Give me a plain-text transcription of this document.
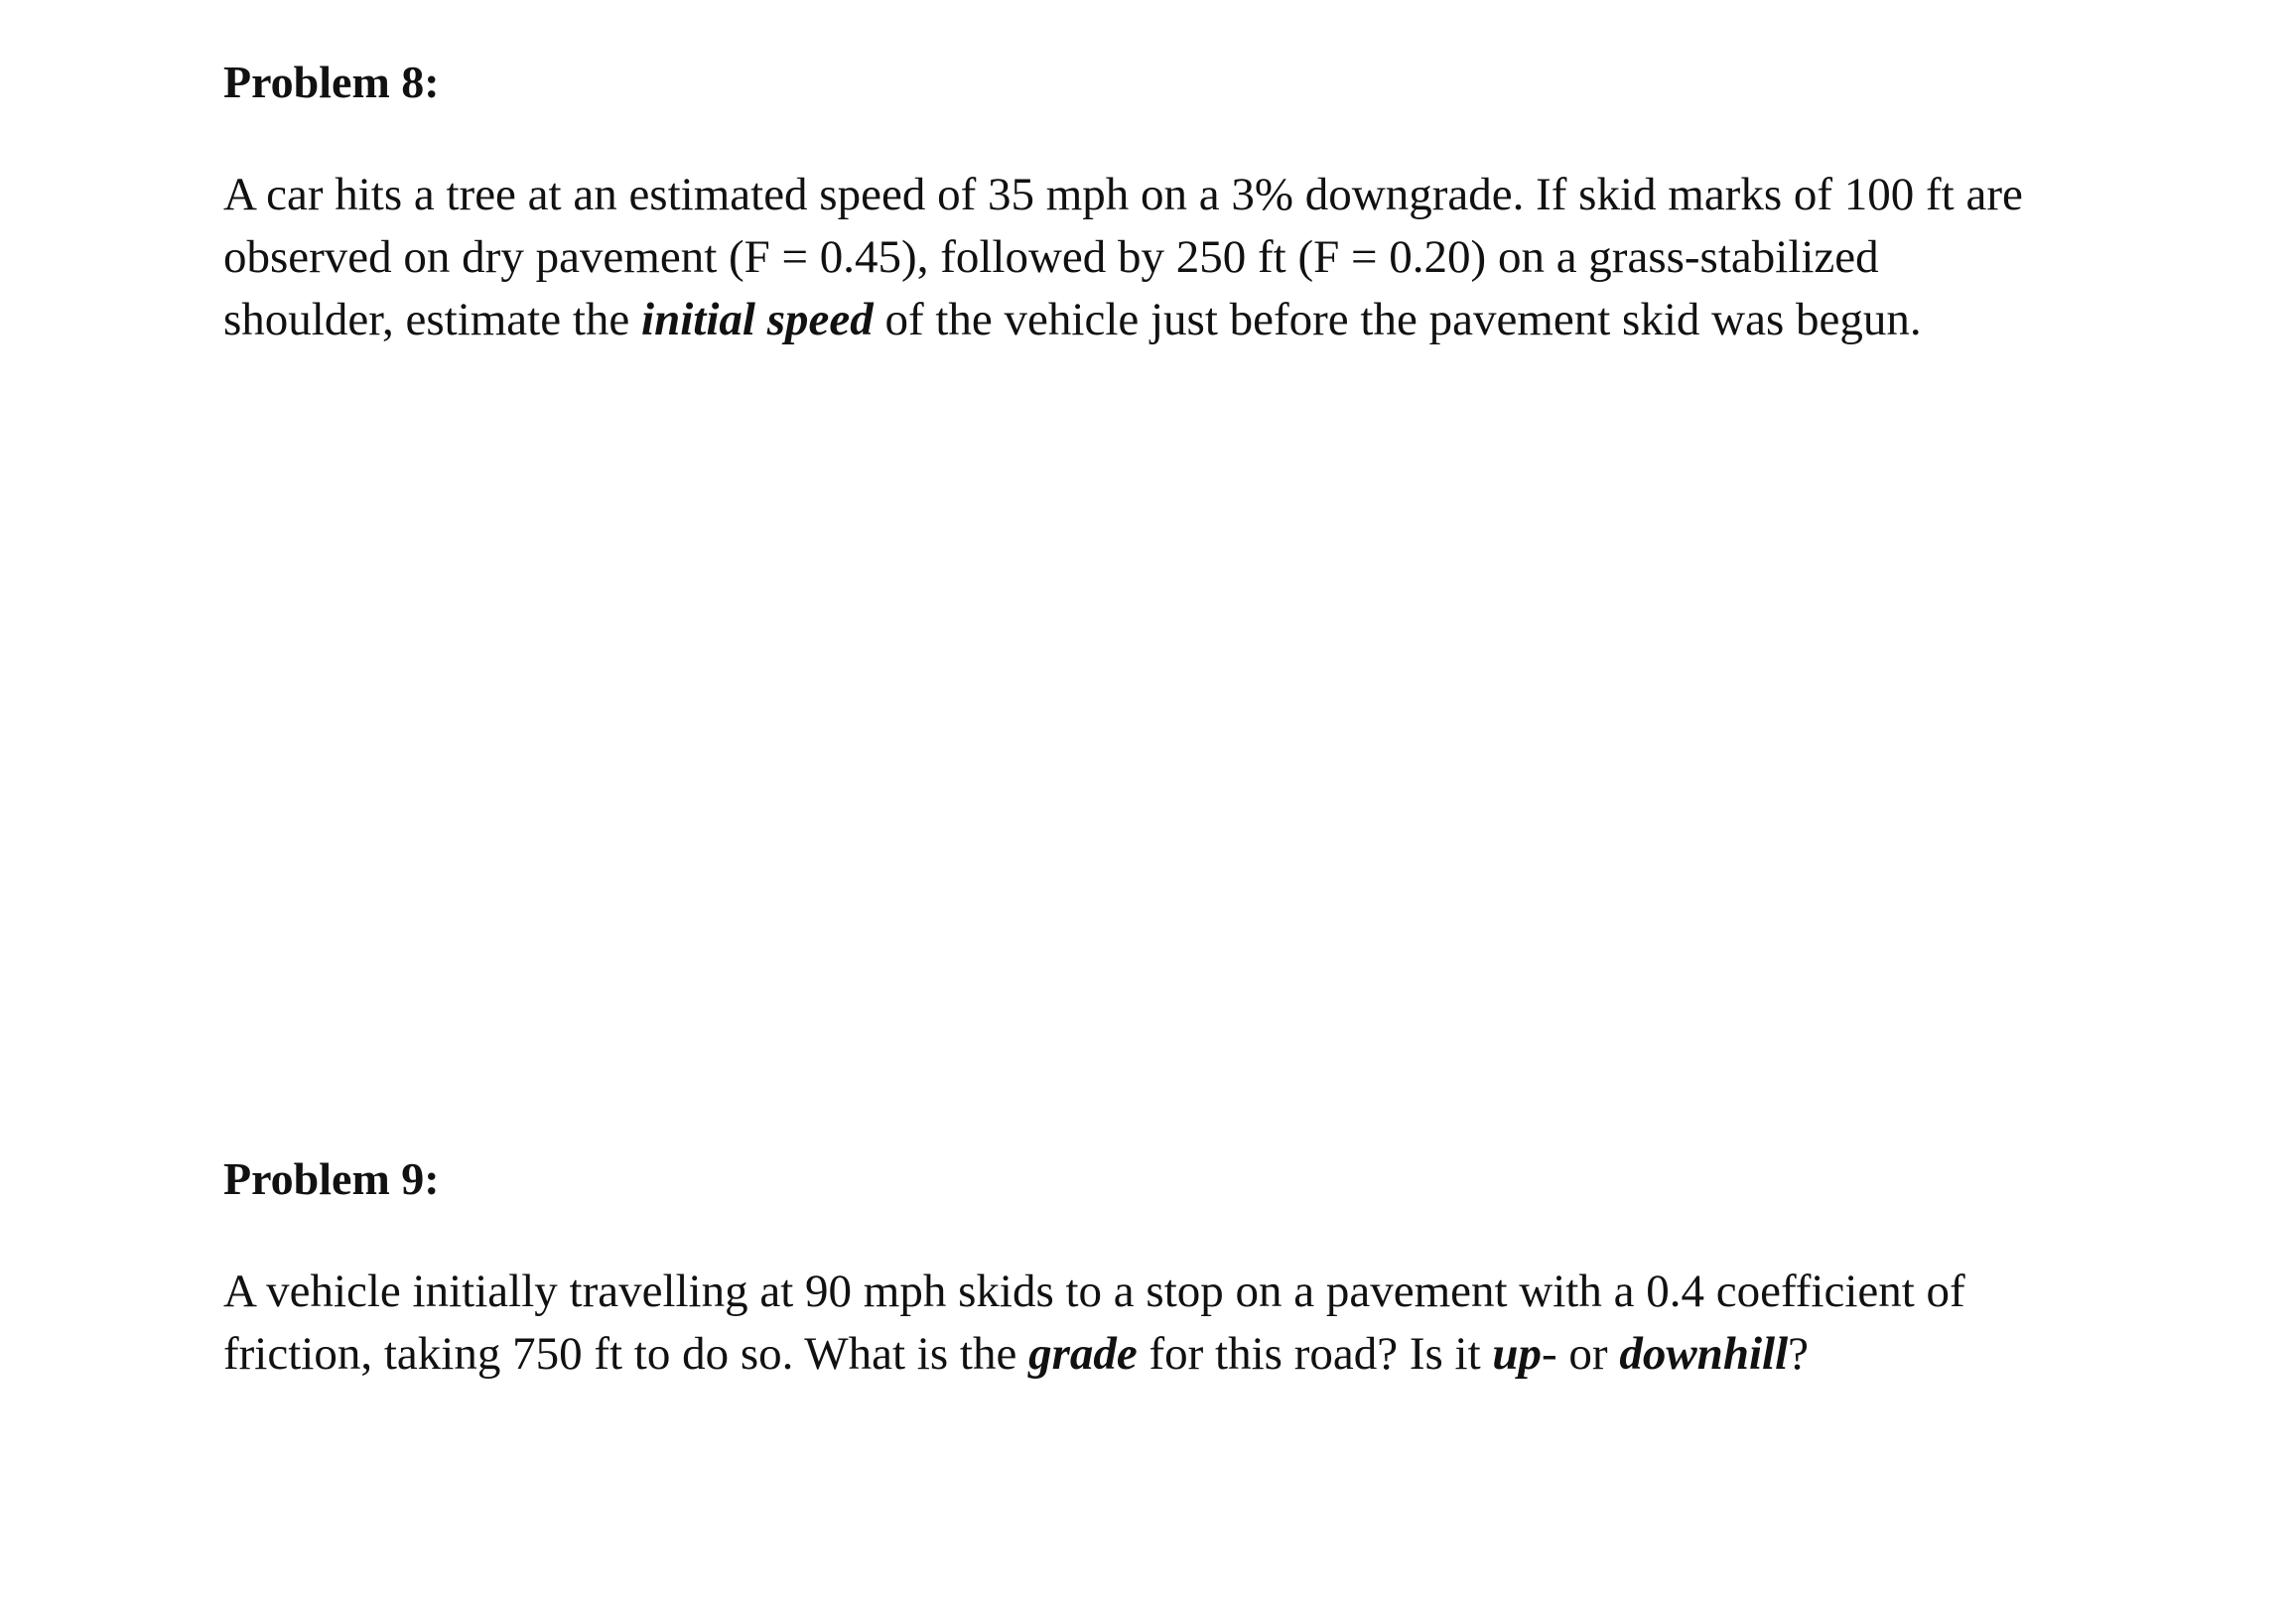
Problem 8:

A car hits a tree at an estimated speed of 35 mph on a 3% downgrade. If skid marks of 100 ft are
observed on dry pavement (F = 0.45), followed by 250 ft (F = 0.20) on a grass-stabilized
shoulder, estimate the initial speed of the vehicle just before the pavement skid was begun.

Problem 9:

A vehicle initially travelling at 90 mph skids to a stop on a pavement with a 0.4 coefficient of
friction, taking 750 ft to do so. What is the grade for this road? Is it up- or downhill?
